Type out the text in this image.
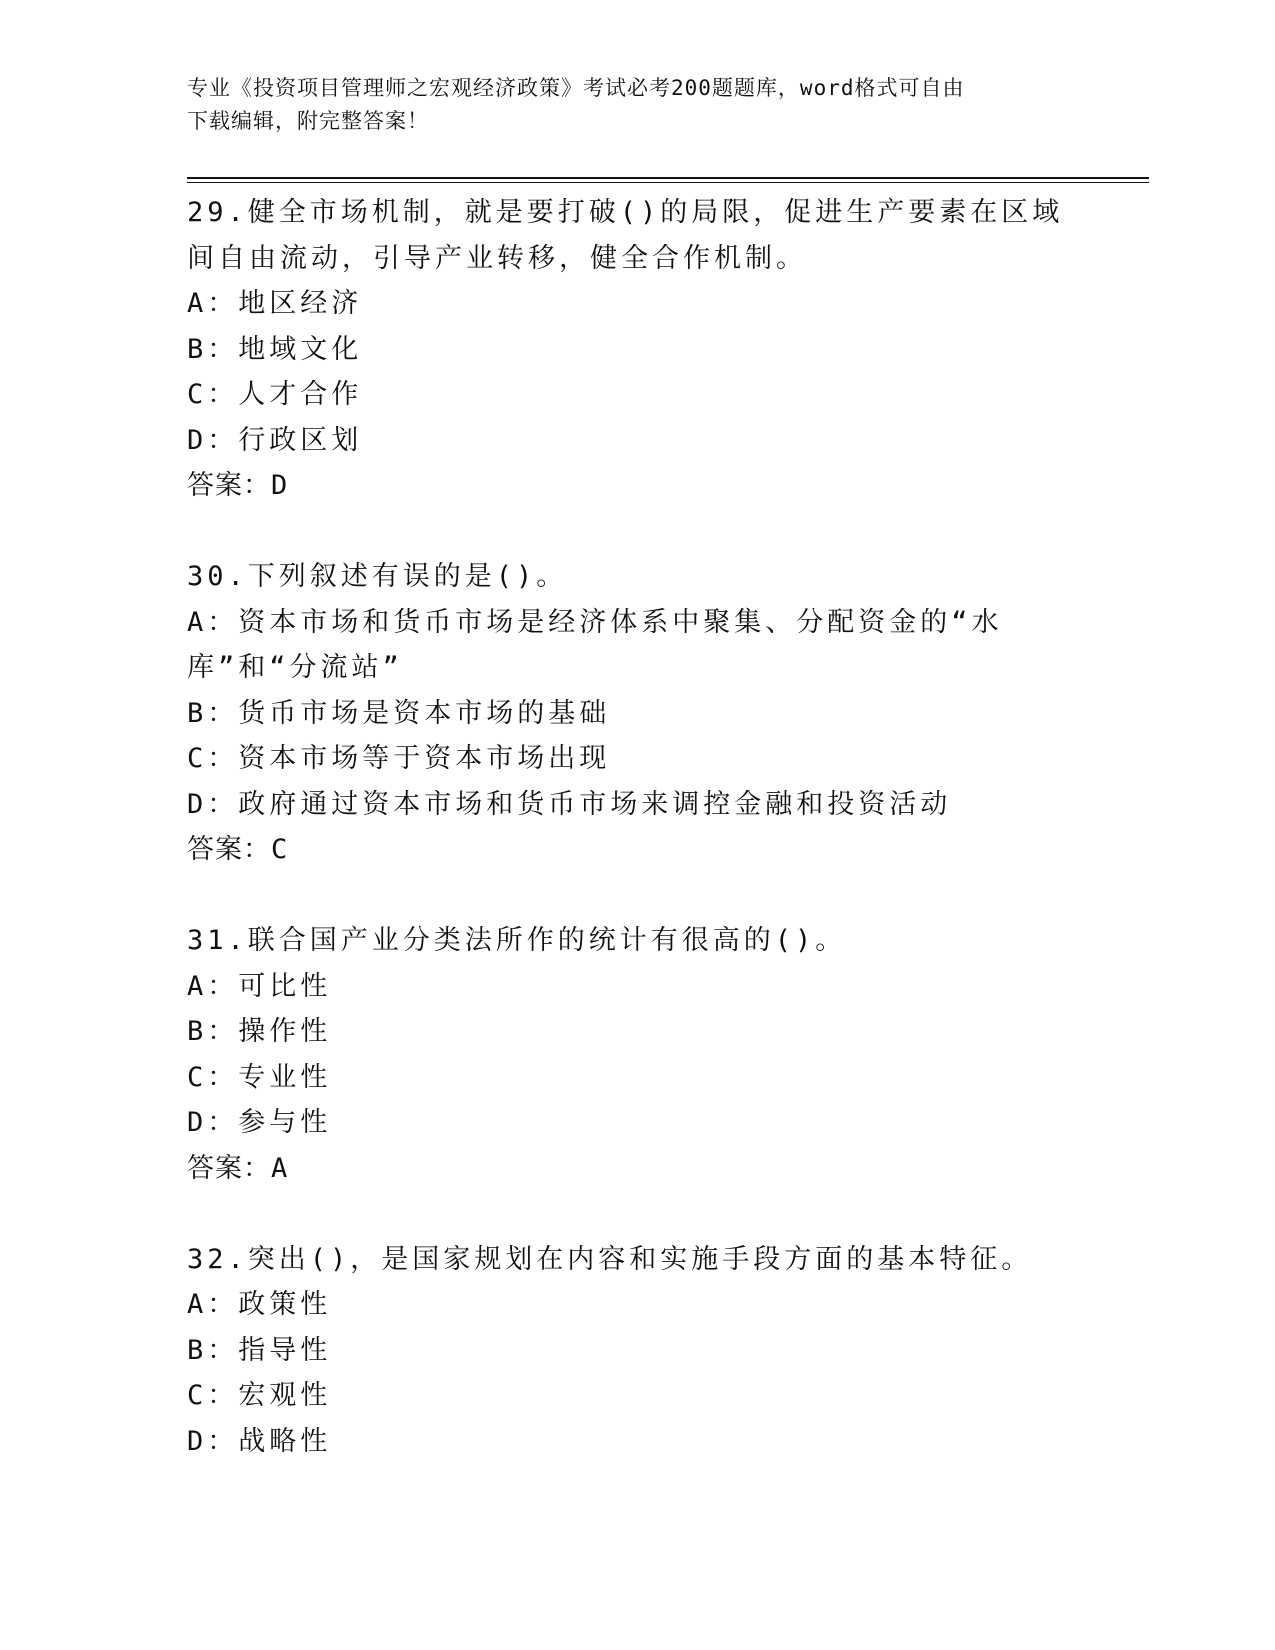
专业《投资项目管理师之宏观经济政策》考试必考200题题库，word格式可自由
下载编辑，附完整答案！

29.健全市场机制，就是要打破()的局限，促进生产要素在区域间自由流动，引导产业转移，健全合作机制。

A：地区经济

B：地域文化

C：人才合作

D：行政区划

答案：D

30.下列叙述有误的是()。

A：资本市场和货币市场是经济体系中聚集、分配资金的“水库”和“分流站”

B：货币市场是资本市场的基础

C：资本市场等于资本市场出现

D：政府通过资本市场和货币市场来调控金融和投资活动

答案：C

31.联合国产业分类法所作的统计有很高的()。

A：可比性

B：操作性

C：专业性

D：参与性

答案：A

32.突出()，是国家规划在内容和实施手段方面的基本特征。

A：政策性

B：指导性

C：宏观性

D：战略性
